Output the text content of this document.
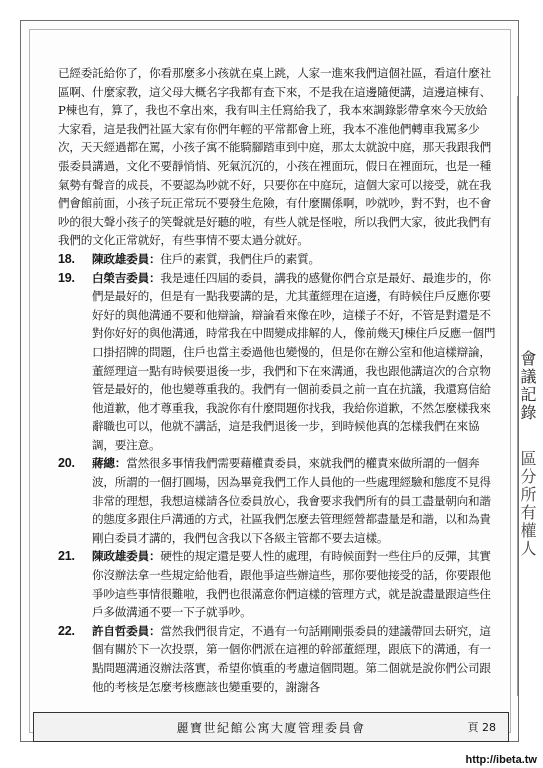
會議記錄
區分所有權人

已經委託給你了，你看那麼多小孩就在桌上跳，人家一進來我們這個社區，看這什麼社區啊、什麼家教，這父母大概名字我都有查下來，不是我在這邊隨便講，這邊這棟有、P棟也有，算了，我也不拿出來，我有叫主任寫給我了，我本來調錄影帶拿來今天放給大家看，這是我們社區大家有你們年輕的平常都會上班，我本不准他們轉車我罵多少次，天天經過都在罵，小孩子寓不能騎腳踏車到中庭，那太太就說中庭，那天我跟我們張委員講過，文化不要靜悄悄、死氣沉沉的，小孩在裡面玩，假日在裡面玩，也是一種氣勢有聲音的成長，不要認為吵就不好，只要你在中庭玩，這個大家可以接受，就在我們會館前面，小孩子玩正常玩不要發生危險，有什麼關係啊，吵就吵，對不對，也不會吵的很大聲小孩子的笑聲就是好聽的啦，有些人就是怪啦，所以我們大家，彼此我們有我們的文化正常就好，有些事情不要太過分就好。

18.	陳政雄委員：住戶的素質，我們住戶的素質。
19.	白榮吉委員：我是連任四屆的委員，講我的感覺你們合京是最好、最進步的，你們是最好的，但是有一點我要講的是，尤其董經理在這邊，有時候住戶反應你要好好的與他溝通不要和他辯論，辯論看來像在吵，這樣子不好，不管是對還是不對你好好的與他溝通，時常我在中間變成排解的人，像前幾天J棟住戶反應一個門口掛招牌的問題，住戶也當主委過他也變慢的，但是你在辦公室和他這樣辯論，董經理這一點有時候要退後一步，我們和下在來溝通，我也跟他講這次的合京物管是最好的，他也變尊重我的。我們有一個前委員之前一直在抗議，我還寫信給他道歉，他才尊重我，我說你有什麼問題你找我，我給你道歉，不然怎麼樣我來辭職也可以，他就不講話，這是我們退後一步，到時候他真的怎樣我們在來協調，要注意。
20.	蔣總：當然很多事情我們需要藉權責委員，來就我們的權責來做所謂的一個奔波，所謂的一個打圓場，因為畢竟我們工作人員他的一些處理經驗和態度不見得非常的理想，我想這樣請各位委員放心，我會要求我們所有的員工盡量朝向和諧的態度多跟住戶溝通的方式，社區我們怎麼去管理經營都盡量是和諧，以和為貴剛白委員才講的，我們包含我以下各級主管都不要去這樣。
21.	陳政雄委員：硬性的規定還是要人性的處理，有時候面對一些住戶的反彈，其實你沒辦法拿一些規定給他看，跟他爭這些辦這些，那你要他接受的話，你要跟他爭吵這些事情很難啦，我們也很滿意你們這樣的管理方式，就是說盡量跟這些住戶多做溝通不要一下子就爭吵。
22.	許自哲委員：當然我們很肯定，不過有一句話剛剛張委員的建議帶回去研究，這個有關於下一次投票，第一個你們派在這裡的幹部董經理，跟底下的溝通，有一點問題溝通沒辦法落實，希望你慎重的考慮這個問題。第二個就是說你們公司跟他的考核是怎麼考核應該也變重要的，謝謝各
麗寶世紀館公寓大廈管理委員會	頁 28
http://ibeta.tw
